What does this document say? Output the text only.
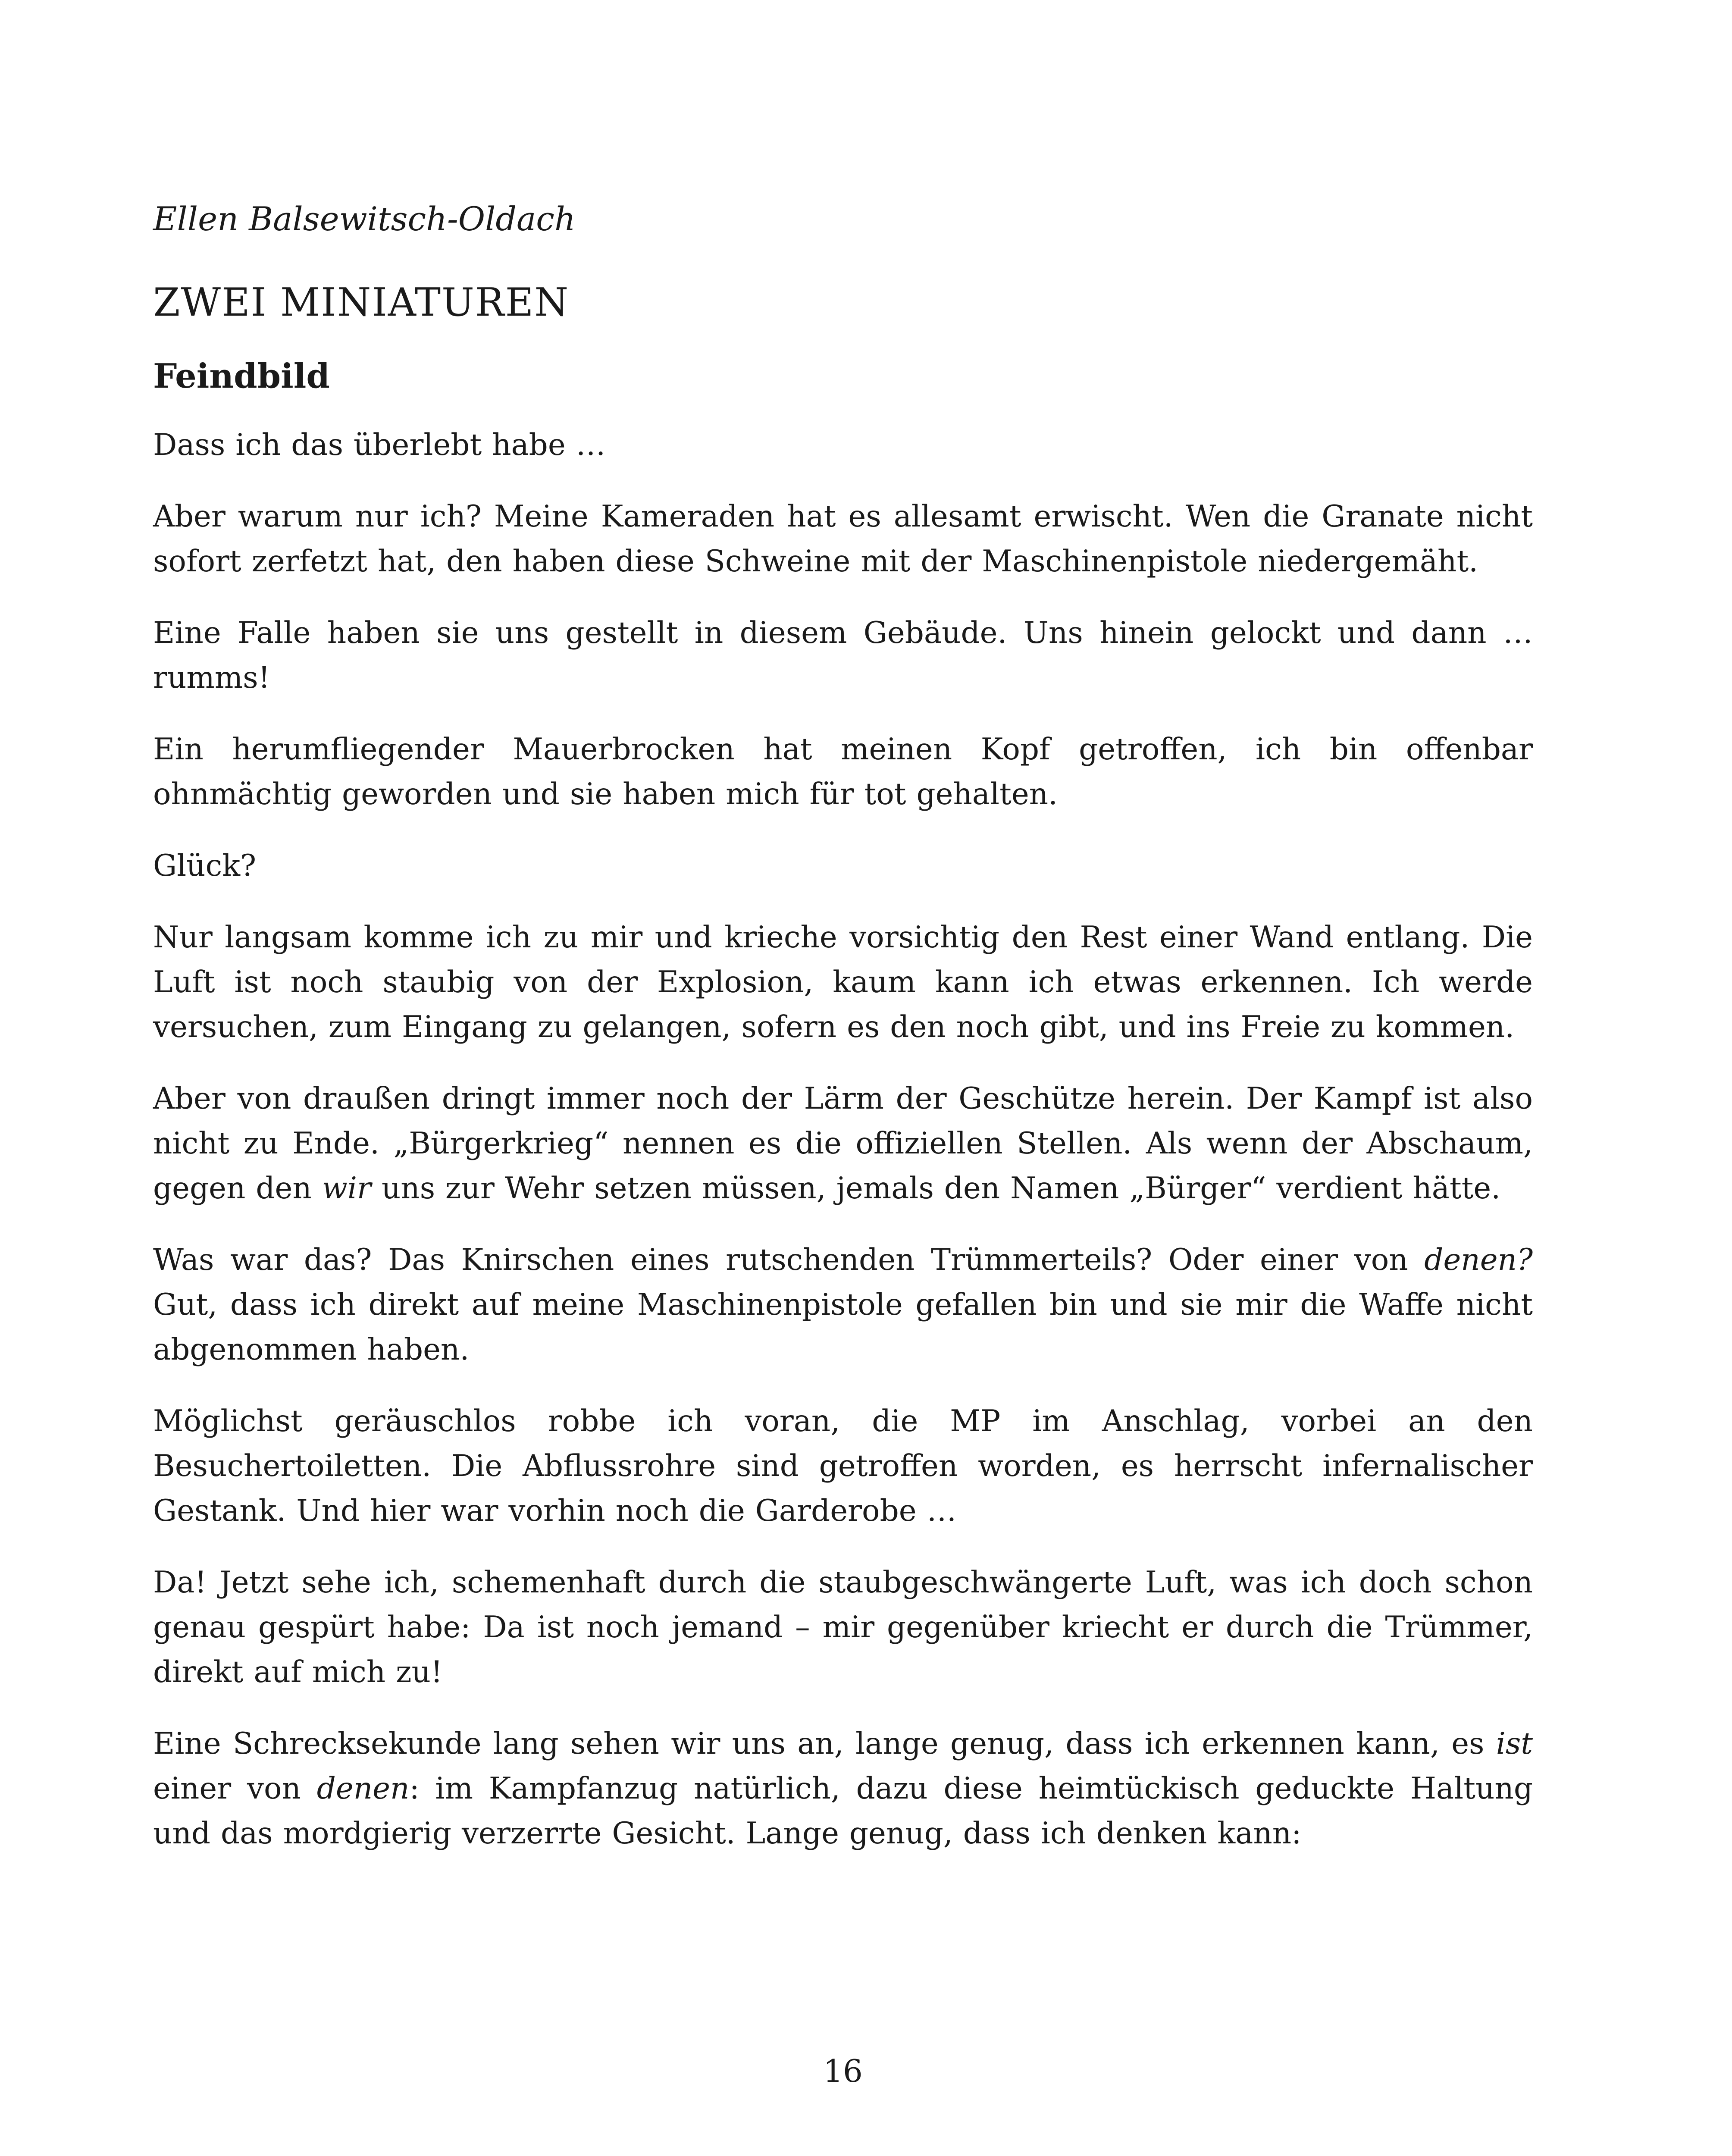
Ellen Balsewitsch-Oldach

ZWEI MINIATUREN
Feindbild

Dass ich das überlebt habe …

Aber warum nur ich? Meine Kameraden hat es allesamt erwischt. Wen die Granate nicht sofort zerfetzt hat, den haben diese Schweine mit der Maschinenpistole niedergemäht.

Eine Falle haben sie uns gestellt in diesem Gebäude. Uns hinein gelockt und dann … rumms!

Ein herumfliegender Mauerbrocken hat meinen Kopf getroffen, ich bin offenbar ohnmächtig geworden und sie haben mich für tot gehalten.

Glück?

Nur langsam komme ich zu mir und krieche vorsichtig den Rest einer Wand entlang. Die Luft ist noch staubig von der Explosion, kaum kann ich etwas erkennen. Ich werde versuchen, zum Eingang zu gelangen, sofern es den noch gibt, und ins Freie zu kommen.

Aber von draußen dringt immer noch der Lärm der Geschütze herein. Der Kampf ist also nicht zu Ende. „Bürgerkrieg“ nennen es die offiziellen Stellen. Als wenn der Abschaum, gegen den wir uns zur Wehr setzen müssen, jemals den Namen „Bürger“ verdient hätte.

Was war das? Das Knirschen eines rutschenden Trümmerteils? Oder einer von denen? Gut, dass ich direkt auf meine Maschinenpistole gefallen bin und sie mir die Waffe nicht abgenommen haben.

Möglichst geräuschlos robbe ich voran, die MP im Anschlag, vorbei an den Besuchertoiletten. Die Abflussrohre sind getroffen worden, es herrscht infernalischer Gestank. Und hier war vorhin noch die Garderobe …

Da! Jetzt sehe ich, schemenhaft durch die staubgeschwängerte Luft, was ich doch schon genau gespürt habe: Da ist noch jemand – mir gegenüber kriecht er durch die Trümmer, direkt auf mich zu!

Eine Schrecksekunde lang sehen wir uns an, lange genug, dass ich erkennen kann, es ist einer von denen: im Kampfanzug natürlich, dazu diese heimtückisch geduckte Haltung und das mordgierig verzerrte Gesicht. Lange genug, dass ich denken kann:

16
